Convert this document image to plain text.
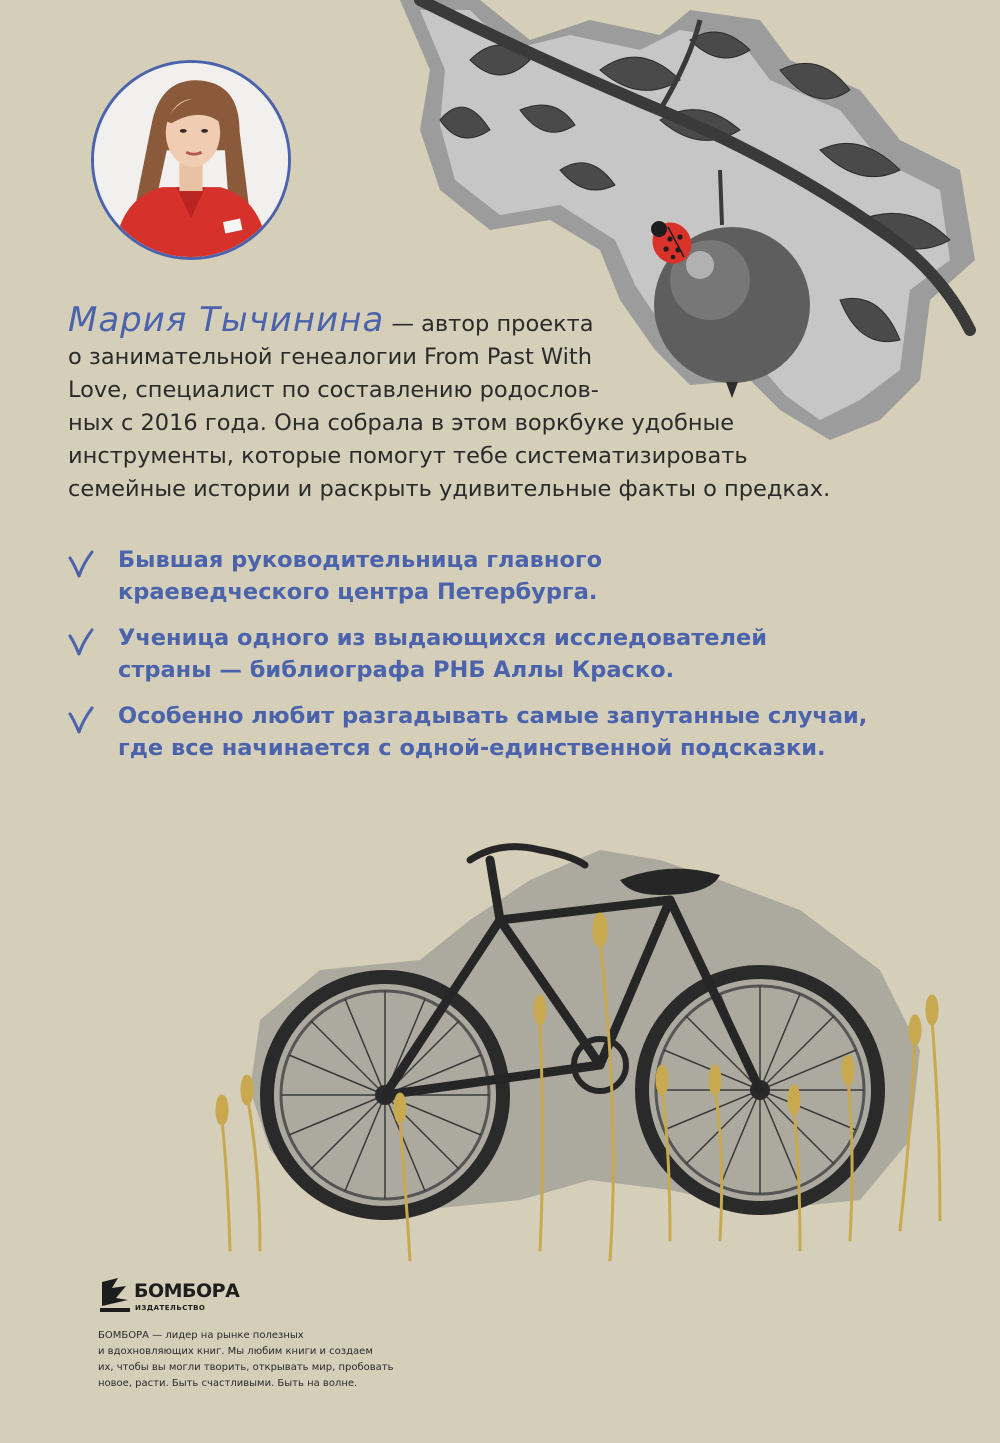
Мария Тычинина — автор проекта
о занимательной генеалогии From Past With
Love, специалист по составлению родослов-
ных с 2016 года. Она собрала в этом воркбуке удобные
инструменты, которые помогут тебе систематизировать
семейные истории и раскрыть удивительные факты о предках.
Бывшая руководительница главного
краеведческого центра Петербурга.
Ученица одного из выдающихся исследователей
страны — библиографа РНБ Аллы Краско.
Особенно любит разгадывать самые запутанные случаи,
где все начинается с одной-единственной подсказки.
БОМБОРА
ИЗДАТЕЛЬСТВО
БОМБОРА — лидер на рынке полезных
и вдохновляющих книг. Мы любим книги и создаем
их, чтобы вы могли творить, открывать мир, пробовать
новое, расти. Быть счастливыми. Быть на волне.
